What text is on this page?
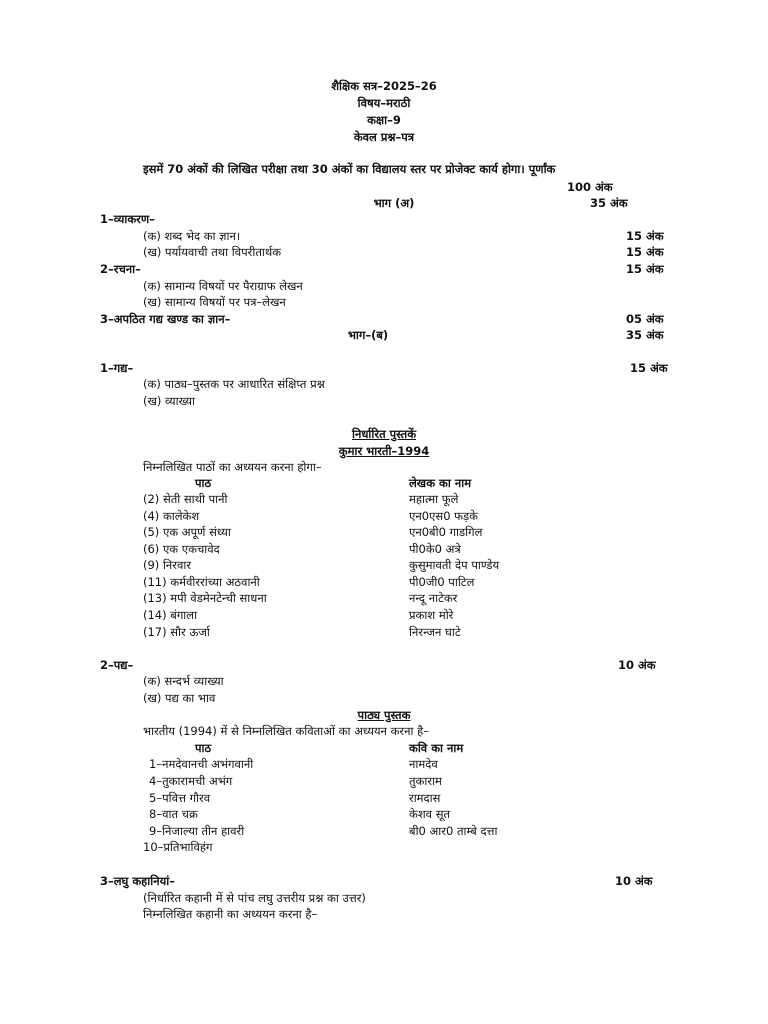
शैक्षिक सत्र–2025–26
विषय–मराठी
कक्षा–9
केवल प्रश्न–पत्र
इसमें 70 अंकों की लिखित परीक्षा तथा 30 अंकों का विद्यालय स्तर पर प्रोजेक्ट कार्य होगा। पूर्णांक
100 अंक
भाग (अ)	35 अंक
1–व्याकरण–
(क) शब्द भेद का ज्ञान।	15 अंक
(ख) पर्यायवाची तथा विपरीतार्थक	15 अंक
2–रचना–	15 अंक
(क) सामान्य विषयों पर पैराग्राफ लेखन
(ख) सामान्य विषयों पर पत्र–लेखन
3–अपठित गद्य खण्ड का ज्ञान–	05 अंक
भाग–(ब)	35 अंक
1–गद्य–	15 अंक
(क) पाठ्य–पुस्तक पर आधारित संक्षिप्त प्रश्न
(ख) व्याख्या
निर्धारित पुस्तकें
कुमार भारती–1994
निम्नलिखित पाठों का अध्ययन करना होगा–
पाठ	लेखक का नाम
(2) सेती साथी पानी	महात्मा फूले
(4) कालेकेश	एन0एस0 फड़के
(5) एक अपूर्ण संध्या	एन0बी0 गाडगिल
(6) एक एकचावेद	पी0के0 अत्रे
(9) निरवार	कुसुमावती देप पाण्डेय
(11) कर्मवीररांच्या अठवानी	पी0जी0 पाटिल
(13) मपी वेडमेनटेन्ची साधना	नन्दू नाटेकर
(14) बंगाला	प्रकाश मोरे
(17) सौर ऊर्जा	निरन्जन घाटे
2–पद्य–	10 अंक
(क) सन्दर्भ व्याख्या
(ख) पद्य का भाव
पाठ्य पुस्तक
भारतीय (1994) में से निम्नलिखित कविताओं का अध्ययन करना है–
पाठ	कवि का नाम
1–नमदेवानची अभंगवानी	नामदेव
4–तुकारामची अभंग	तुकाराम
5–पवित्त गौरव	रामदास
8–वात चक्र	केशव सूत
9–निजाल्या तीन हावरी	बी0 आर0 ताम्बे दत्ता
10–प्रतिभाविहंग
3–लघु कहानियां–	10 अंक
(निर्धारित कहानी में से पांच लघु उत्तरीय प्रश्न का उत्तर)
निम्नलिखित कहानी का अध्ययन करना है–
